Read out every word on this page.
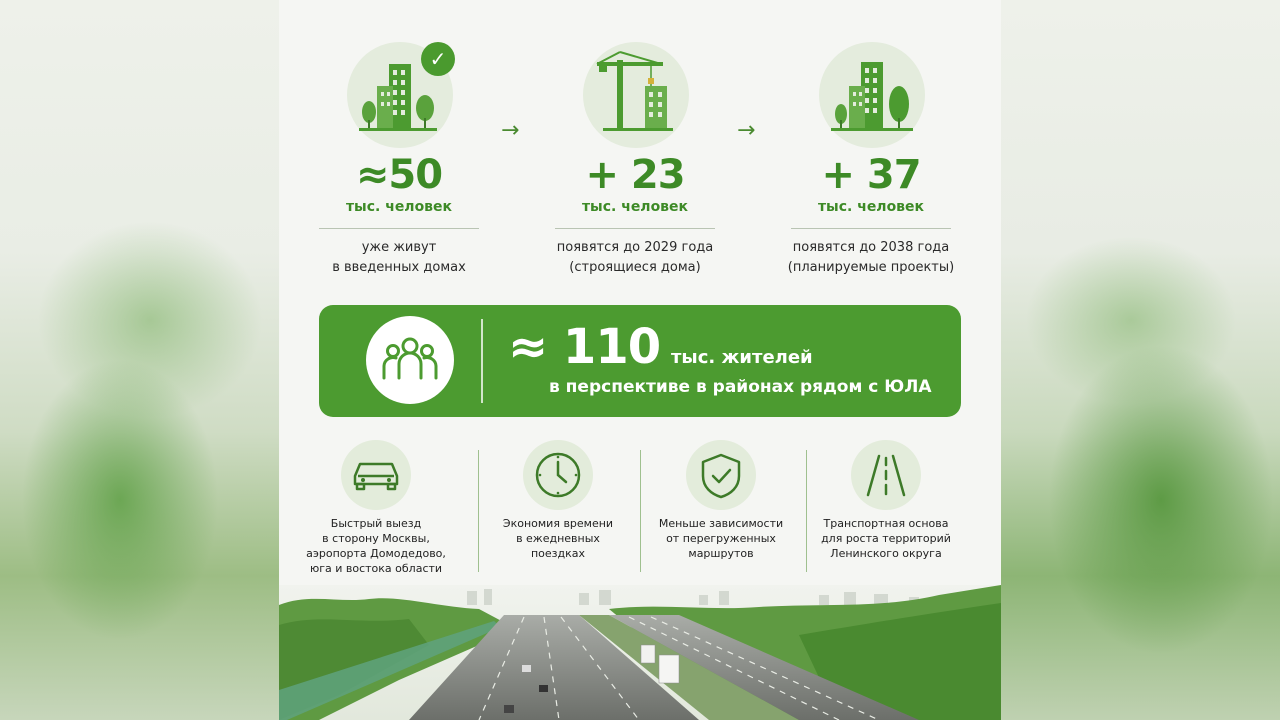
✓
≈50
тыс. человек
уже живут
в введенных домах
→
+ 23
тыс. человек
появятся до 2029 года
(строящиеся дома)
→
+ 37
тыс. человек
появятся до 2038 года
(планируемые проекты)
≈ 110 тыс. жителей
в перспективе в районах рядом с ЮЛА
Быстрый выезд
в сторону Москвы,
аэропорта Домодедово,
юга и востока области
Экономия времени
в ежедневных
поездках
Меньше зависимости
от перегруженных
маршрутов
Транспортная основа
для роста территорий
Ленинского округа
